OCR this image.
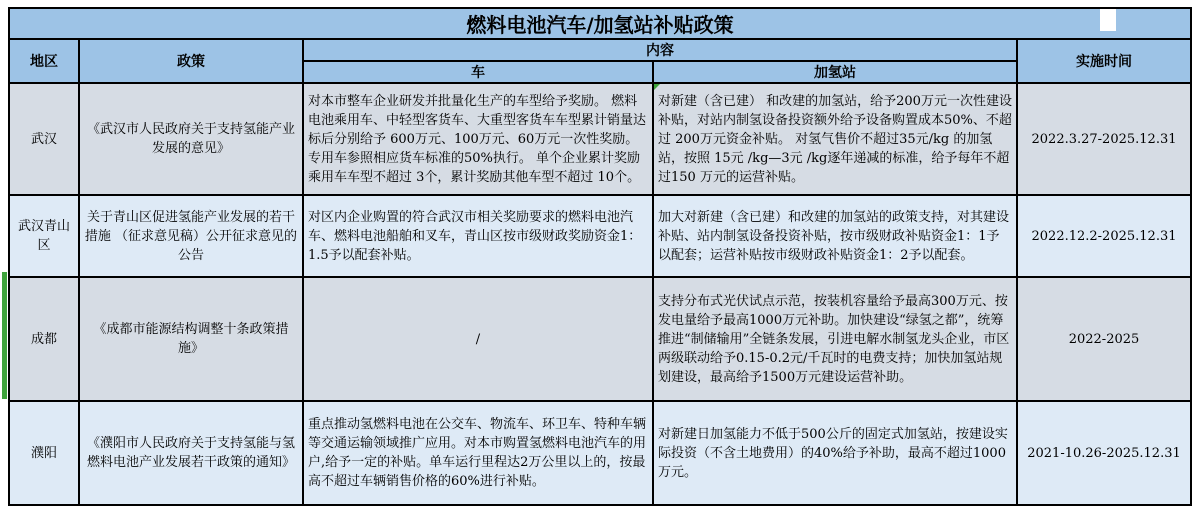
燃料电池汽车/加氢站补贴政策				
地区	政策	内容		实施时间
		车	加氢站	
武汉	《武汉市人民政府关于支持氢能产业发展的意见》	对本市整车企业研发并批量化生产的车型给予奖励。 燃料电池乘用车、中轻型客货车、大重型客货车车型累计销量达标后分别给予 600万元、100万元、60万元一次性奖励。 专用车参照相应货车标准的50%执行。 单个企业累计奖励乘用车车型不超过 3个，累计奖励其他车型不超过 10个。	对新建（含已建） 和改建的加氢站，给予200万元一次性建设补贴，对站内制氢设备投资额外给予设备购置成本50%、不超过 200万元资金补贴。 对氢气售价不超过35元/kg 的加氢站，按照 15元 /kg—3元 /kg逐年递减的标准，给予每年不超过150 万元的运营补贴。	2022.3.27-2025.12.31
武汉青山区	关于青山区促进氢能产业发展的若干措施 （征求意见稿）公开征求意见的公告	对区内企业购置的符合武汉市相关奖励要求的燃料电池汽车、燃料电池船舶和叉车，青山区按市级财政奖励资金1：1.5予以配套补贴。	加大对新建（含已建）和改建的加氢站的政策支持，对其建设补贴、站内制氢设备投资补贴，按市级财政补贴资金1：1予以配套；运营补贴按市级财政补贴资金1：2予以配套。	2022.12.2-2025.12.31
成都	《成都市能源结构调整十条政策措施》	/	支持分布式光伏试点示范，按装机容量给予最高300万元、按发电量给予最高1000万元补助。加快建设“绿氢之都”，统筹推进“制储输用”全链条发展，引进电解水制氢龙头企业，市区两级联动给予0.15-0.2元/千瓦时的电费支持；加快加氢站规划建设，最高给予1500万元建设运营补助。	2022-2025
濮阳	《濮阳市人民政府关于支持氢能与氢燃料电池产业发展若干政策的通知》	重点推动氢燃料电池在公交车、物流车、环卫车、特种车辆等交通运输领域推广应用。对本市购置氢燃料电池汽车的用户,给予一定的补贴。单车运行里程达2万公里以上的，按最高不超过车辆销售价格的60%进行补贴。	对新建日加氢能力不低于500公斤的固定式加氢站，按建设实际投资（不含土地费用）的40%给予补助，最高不超过1000万元。	2021-10.26-2025.12.31
